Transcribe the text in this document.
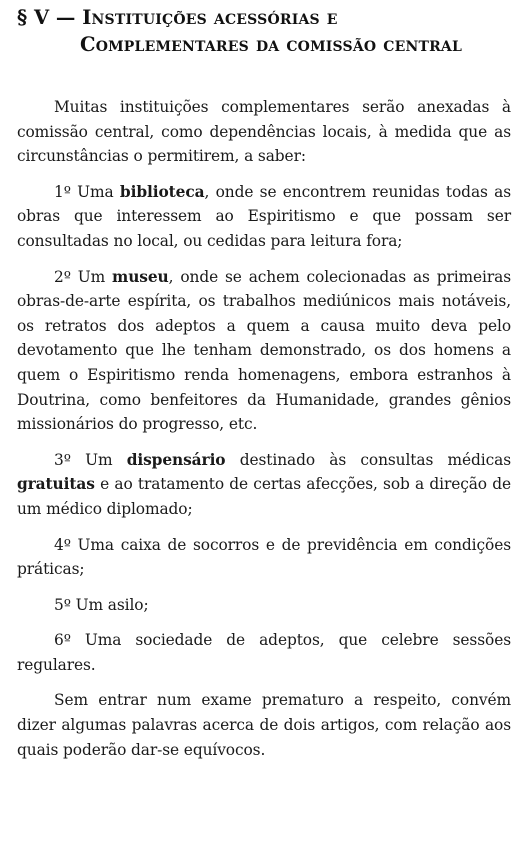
§ V — Instituições acessórias e
Complementares da comissão central

Muitas instituições complementares serão anexadas à comissão central, como dependências locais, à medida que as circunstâncias o permitirem, a saber:

1º Uma biblioteca, onde se encontrem reunidas todas as obras que interessem ao Espiritismo e que possam ser consultadas no local, ou cedidas para leitura fora;

2º Um museu, onde se achem colecionadas as primeiras obras-de-arte espírita, os trabalhos mediúnicos mais notáveis, os retratos dos adeptos a quem a causa muito deva pelo devotamento que lhe tenham demonstrado, os dos homens a quem o Espiritismo renda homenagens, embora estranhos à Doutrina, como benfeitores da Humanidade, grandes gênios missionários do progresso, etc.

3º Um dispensário destinado às consultas médicas gratuitas e ao tratamento de certas afecções, sob a direção de um médico diplomado;

4º Uma caixa de socorros e de previdência em condições práticas;

5º Um asilo;

6º Uma sociedade de adeptos, que celebre sessões regulares.

Sem entrar num exame prematuro a respeito, convém dizer algumas palavras acerca de dois artigos, com relação aos quais poderão dar-se equívocos.
